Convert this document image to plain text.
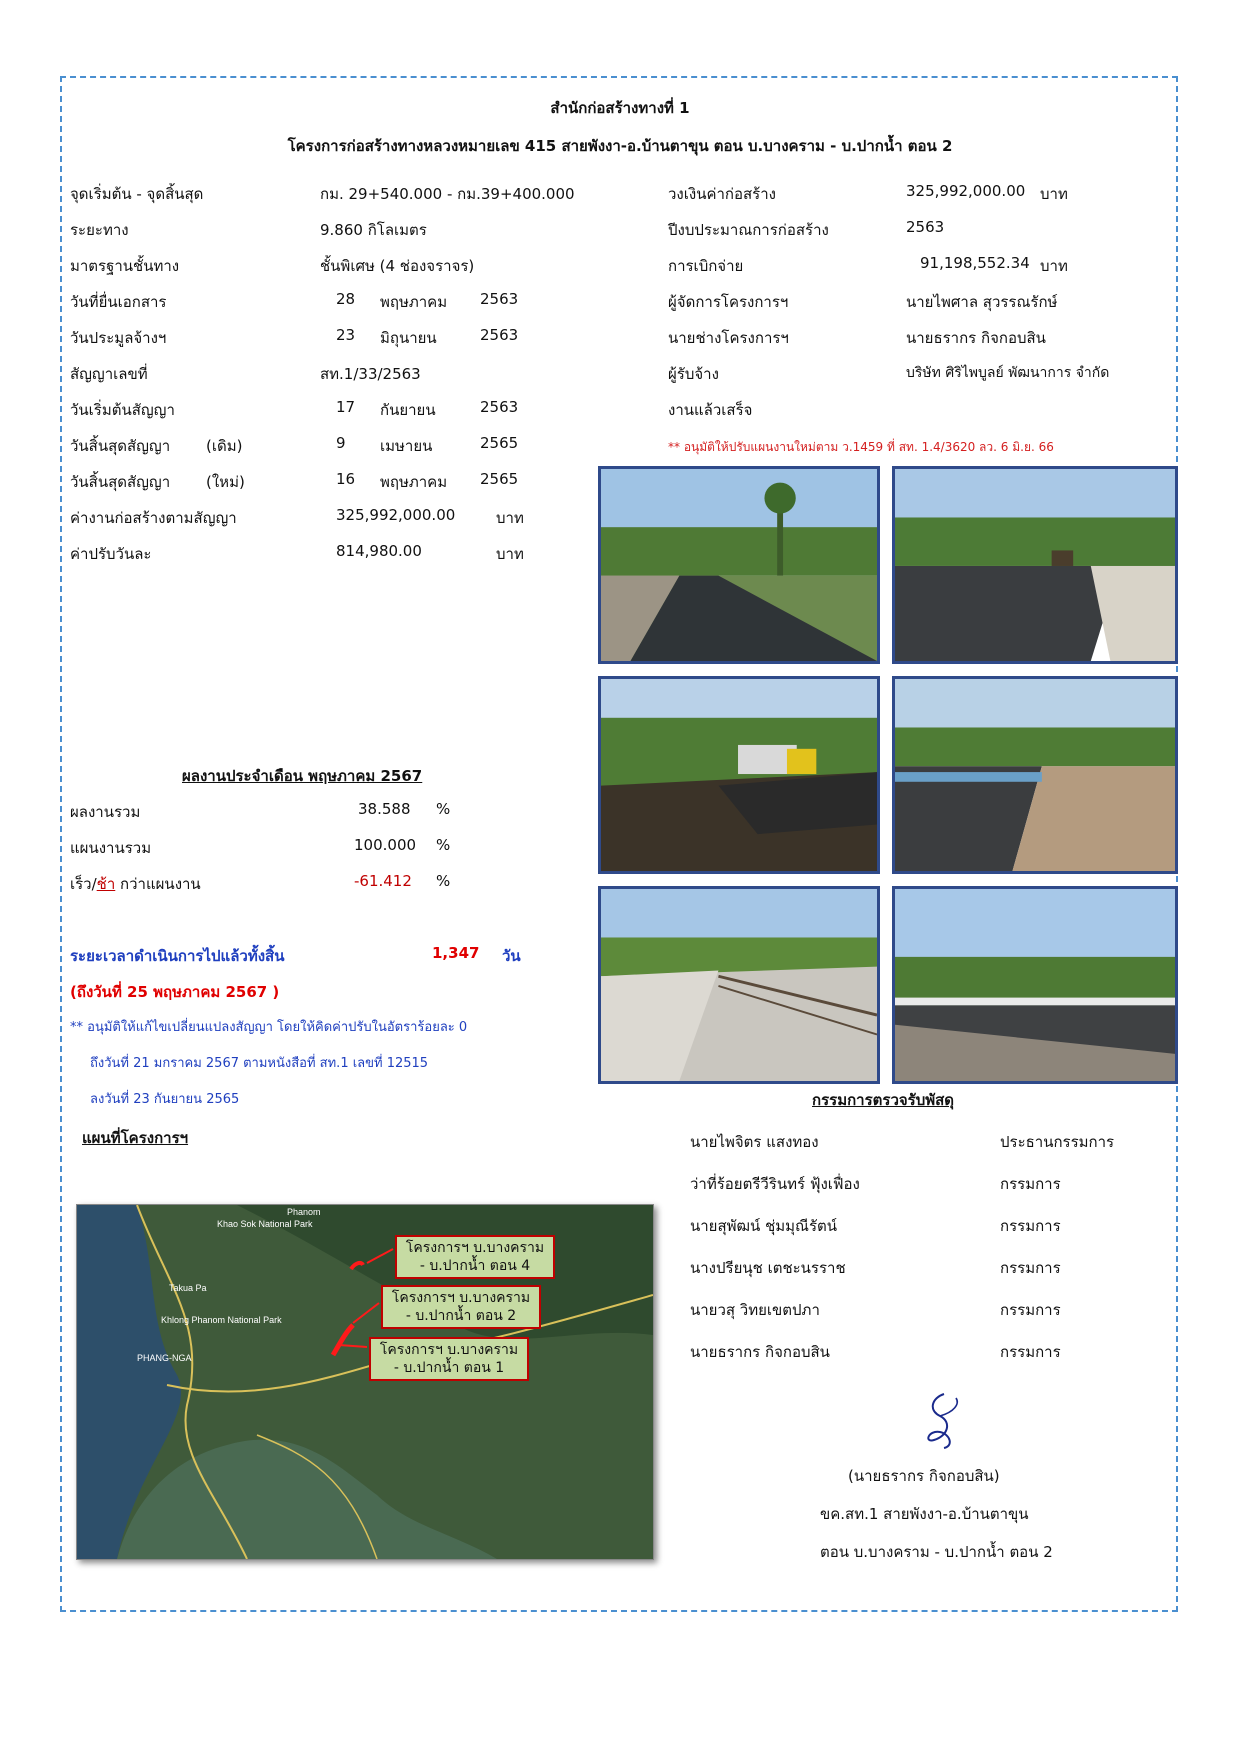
สำนักก่อสร้างทางที่ 1
โครงการก่อสร้างทางหลวงหมายเลข 415 สายพังงา-อ.บ้านตาขุน ตอน บ.บางคราม - บ.ปากน้ำ ตอน 2
จุดเริ่มต้น - จุดสิ้นสุด	กม. 29+540.000 - กม.39+400.000
ระยะทาง	9.860 กิโลเมตร
มาตรฐานชั้นทาง	ชั้นพิเศษ (4 ช่องจราจร)
วันที่ยื่นเอกสาร	28 พฤษภาคม 2563
วันประมูลจ้างฯ	23 มิถุนายน	2563
สัญญาเลขที่	สท.1/33/2563
วันเริ่มต้นสัญญา	17 กันยายน	2563
วันสิ้นสุดสัญญา (เดิม)	9 เมษายน	2565
วันสิ้นสุดสัญญา (ใหม่)	16 พฤษภาคม 2565
ค่างานก่อสร้างตามสัญญา	325,992,000.00	บาท
ค่าปรับวันละ	814,980.00	บาท
วงเงินค่าก่อสร้าง	325,992,000.00 บาท
ปีงบประมาณการก่อสร้าง	2563
การเบิกจ่าย	91,198,552.34 บาท
ผู้จัดการโครงการฯ	นายไพศาล สุวรรณรักษ์
นายช่างโครงการฯ	นายธรากร กิจกอบสิน
ผู้รับจ้าง	บริษัท ศิริไพบูลย์ พัฒนาการ จำกัด
งานแล้วเสร็จ
** อนุมัติให้ปรับแผนงานใหม่ตาม ว.1459 ที่ สท. 1.4/3620 ลว. 6 มิ.ย. 66
ผลงานประจำเดือน พฤษภาคม 2567
ผลงานรวม	38.588 %
แผนงานรวม	100.000 %
เร็ว/ช้า กว่าแผนงาน	-61.412 %
ระยะเวลาดำเนินการไปแล้วทั้งสิ้น	1,347 วัน
(ถึงวันที่ 25 พฤษภาคม 2567 )
** อนุมัติให้แก้ไขเปลี่ยนแปลงสัญญา โดยให้คิดค่าปรับในอัตราร้อยละ 0
ถึงวันที่ 21 มกราคม 2567 ตามหนังสือที่ สท.1 เลขที่ 12515
ลงวันที่ 23 กันยายน 2565
แผนที่โครงการฯ
Phanom
Khao Sok National Park
Takua Pa
Khlong Phanom National Park
PHANG-NGA
โครงการฯ บ.บางคราม - บ.ปากน้ำ ตอน 4
โครงการฯ บ.บางคราม - บ.ปากน้ำ ตอน 2
โครงการฯ บ.บางคราม - บ.ปากน้ำ ตอน 1
กรรมการตรวจรับพัสดุ
นายไพจิตร แสงทอง	ประธานกรรมการ
ว่าที่ร้อยตรีวีรินทร์ ฟุ้งเฟื่อง	กรรมการ
นายสุพัฒน์ ชุ่มมุณีรัตน์	กรรมการ
นางปรียนุช เตชะนรราช	กรรมการ
นายวสุ วิทยเขตปภา	กรรมการ
นายธรากร กิจกอบสิน	กรรมการ
(นายธรากร กิจกอบสิน)
ขค.สท.1 สายพังงา-อ.บ้านตาขุน
ตอน บ.บางคราม - บ.ปากน้ำ ตอน 2
